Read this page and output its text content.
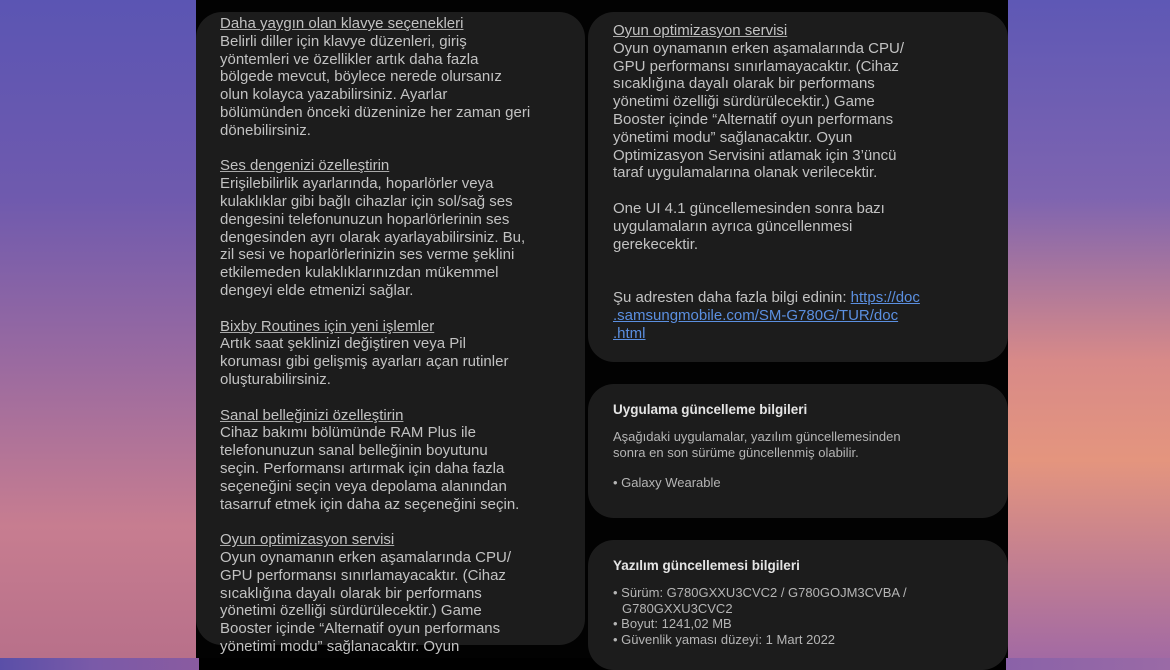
Daha yaygın olan klavye seçenekleri
Belirli diller için klavye düzenleri, giriş
yöntemleri ve özellikler artık daha fazla
bölgede mevcut, böylece nerede olursanız
olun kolayca yazabilirsiniz. Ayarlar
bölümünden önceki düzeninize her zaman geri
dönebilirsiniz.
Ses dengenizi özelleştirin
Erişilebilirlik ayarlarında, hoparlörler veya
kulaklıklar gibi bağlı cihazlar için sol/sağ ses
dengesini telefonunuzun hoparlörlerinin ses
dengesinden ayrı olarak ayarlayabilirsiniz. Bu,
zil sesi ve hoparlörlerinizin ses verme şeklini
etkilemeden kulaklıklarınızdan mükemmel
dengeyi elde etmenizi sağlar.
Bixby Routines için yeni işlemler
Artık saat şeklinizi değiştiren veya Pil
koruması gibi gelişmiş ayarları açan rutinler
oluşturabilirsiniz.
Sanal belleğinizi özelleştirin
Cihaz bakımı bölümünde RAM Plus ile
telefonunuzun sanal belleğinin boyutunu
seçin. Performansı artırmak için daha fazla
seçeneğini seçin veya depolama alanından
tasarruf etmek için daha az seçeneğini seçin.
Oyun optimizasyon servisi
Oyun oynamanın erken aşamalarında CPU/
GPU performansı sınırlamayacaktır. (Cihaz
sıcaklığına dayalı olarak bir performans
yönetimi özelliği sürdürülecektir.) Game
Booster içinde “Alternatif oyun performans
yönetimi modu” sağlanacaktır. Oyun
Oyun optimizasyon servisi
Oyun oynamanın erken aşamalarında CPU/
GPU performansı sınırlamayacaktır. (Cihaz
sıcaklığına dayalı olarak bir performans
yönetimi özelliği sürdürülecektir.) Game
Booster içinde “Alternatif oyun performans
yönetimi modu” sağlanacaktır. Oyun
Optimizasyon Servisini atlamak için 3’üncü
taraf uygulamalarına olanak verilecektir.
One UI 4.1 güncellemesinden sonra bazı
uygulamaların ayrıca güncellenmesi
gerekecektir.
Şu adresten daha fazla bilgi edinin: https://doc
.samsungmobile.com/SM-G780G/TUR/doc
.html
Uygulama güncelleme bilgileri
Aşağıdaki uygulamalar, yazılım güncellemesinden
sonra en son sürüme güncellenmiş olabilir.
• Galaxy Wearable
Yazılım güncellemesi bilgileri
• Sürüm: G780GXXU3CVC2 / G780GOJM3CVBA /
G780GXXU3CVC2
• Boyut: 1241,02 MB
• Güvenlik yaması düzeyi: 1 Mart 2022
